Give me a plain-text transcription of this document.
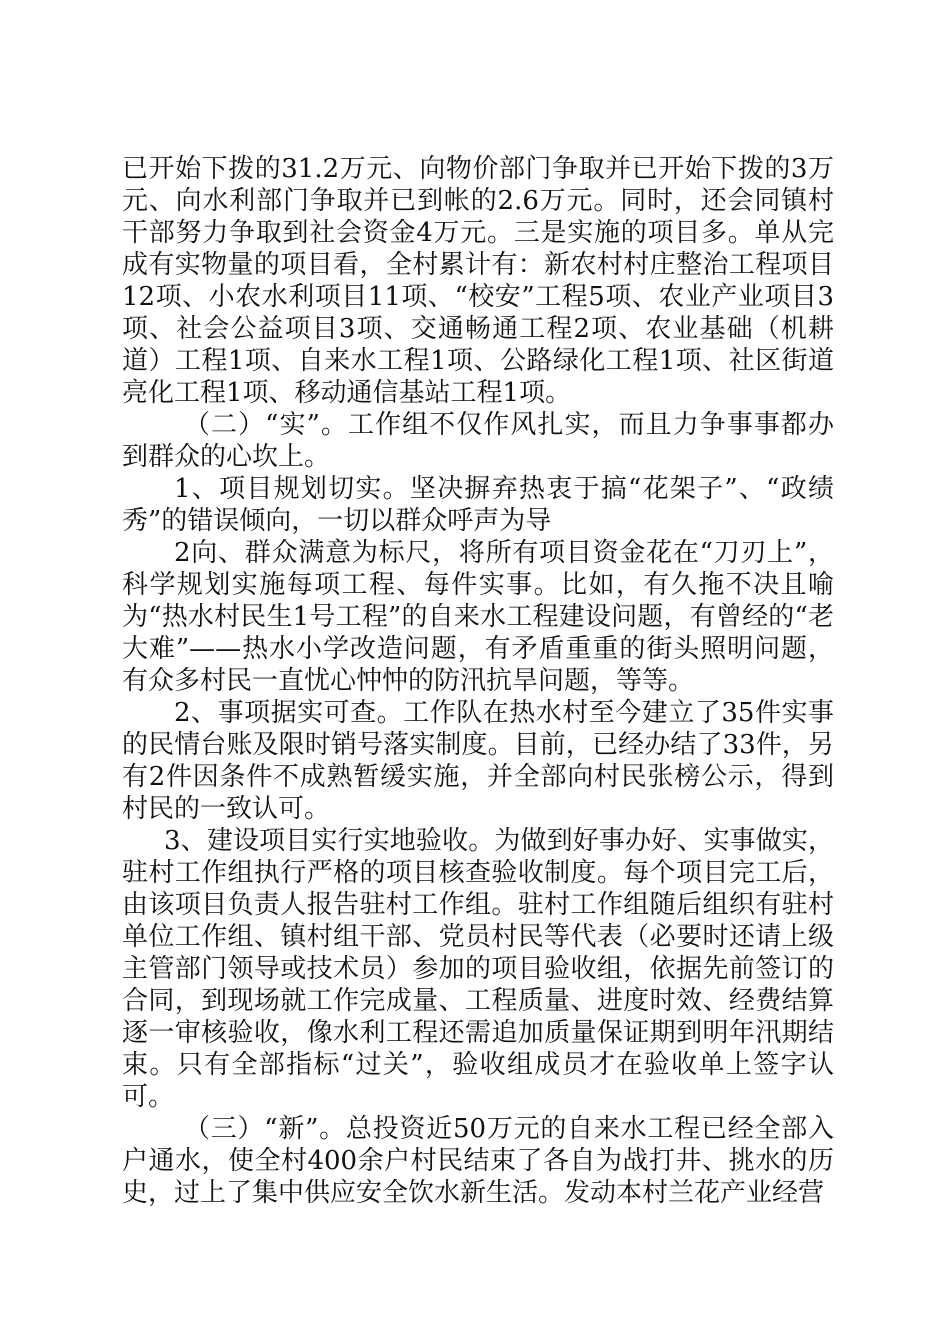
已开始下拨的31.2万元、向物价部门争取并已开始下拨的3万元、向水利部门争取并已到帐的2.6万元。同时，还会同镇村干部努力争取到社会资金4万元。三是实施的项目多。单从完成有实物量的项目看，全村累计有：新农村村庄整治工程项目12项、小农水利项目11项、“校安”工程5项、农业产业项目3项、社会公益项目3项、交通畅通工程2项、农业基础（机耕道）工程1项、自来水工程1项、公路绿化工程1项、社区街道亮化工程1项、移动通信基站工程1项。

（二）“实”。工作组不仅作风扎实，而且力争事事都办到群众的心坎上。

1、项目规划切实。坚决摒弃热衷于搞“花架子”、“政绩秀”的错误倾向，一切以群众呼声为导

2向、群众满意为标尺，将所有项目资金花在“刀刃上”，科学规划实施每项工程、每件实事。比如，有久拖不决且喻为“热水村民生1号工程”的自来水工程建设问题，有曾经的“老大难”——热水小学改造问题，有矛盾重重的街头照明问题，有众多村民一直忧心忡忡的防汛抗旱问题，等等。

2、事项据实可查。工作队在热水村至今建立了35件实事的民情台账及限时销号落实制度。目前，已经办结了33件，另有2件因条件不成熟暂缓实施，并全部向村民张榜公示，得到村民的一致认可。

3、建设项目实行实地验收。为做到好事办好、实事做实，驻村工作组执行严格的项目核查验收制度。每个项目完工后，由该项目负责人报告驻村工作组。驻村工作组随后组织有驻村单位工作组、镇村组干部、党员村民等代表（必要时还请上级主管部门领导或技术员）参加的项目验收组，依据先前签订的合同，到现场就工作完成量、工程质量、进度时效、经费结算逐一审核验收，像水利工程还需追加质量保证期到明年汛期结束。只有全部指标“过关”，验收组成员才在验收单上签字认可。

（三）“新”。总投资近50万元的自来水工程已经全部入户通水，使全村400余户村民结束了各自为战打井、挑水的历史，过上了集中供应安全饮水新生活。发动本村兰花产业经营
